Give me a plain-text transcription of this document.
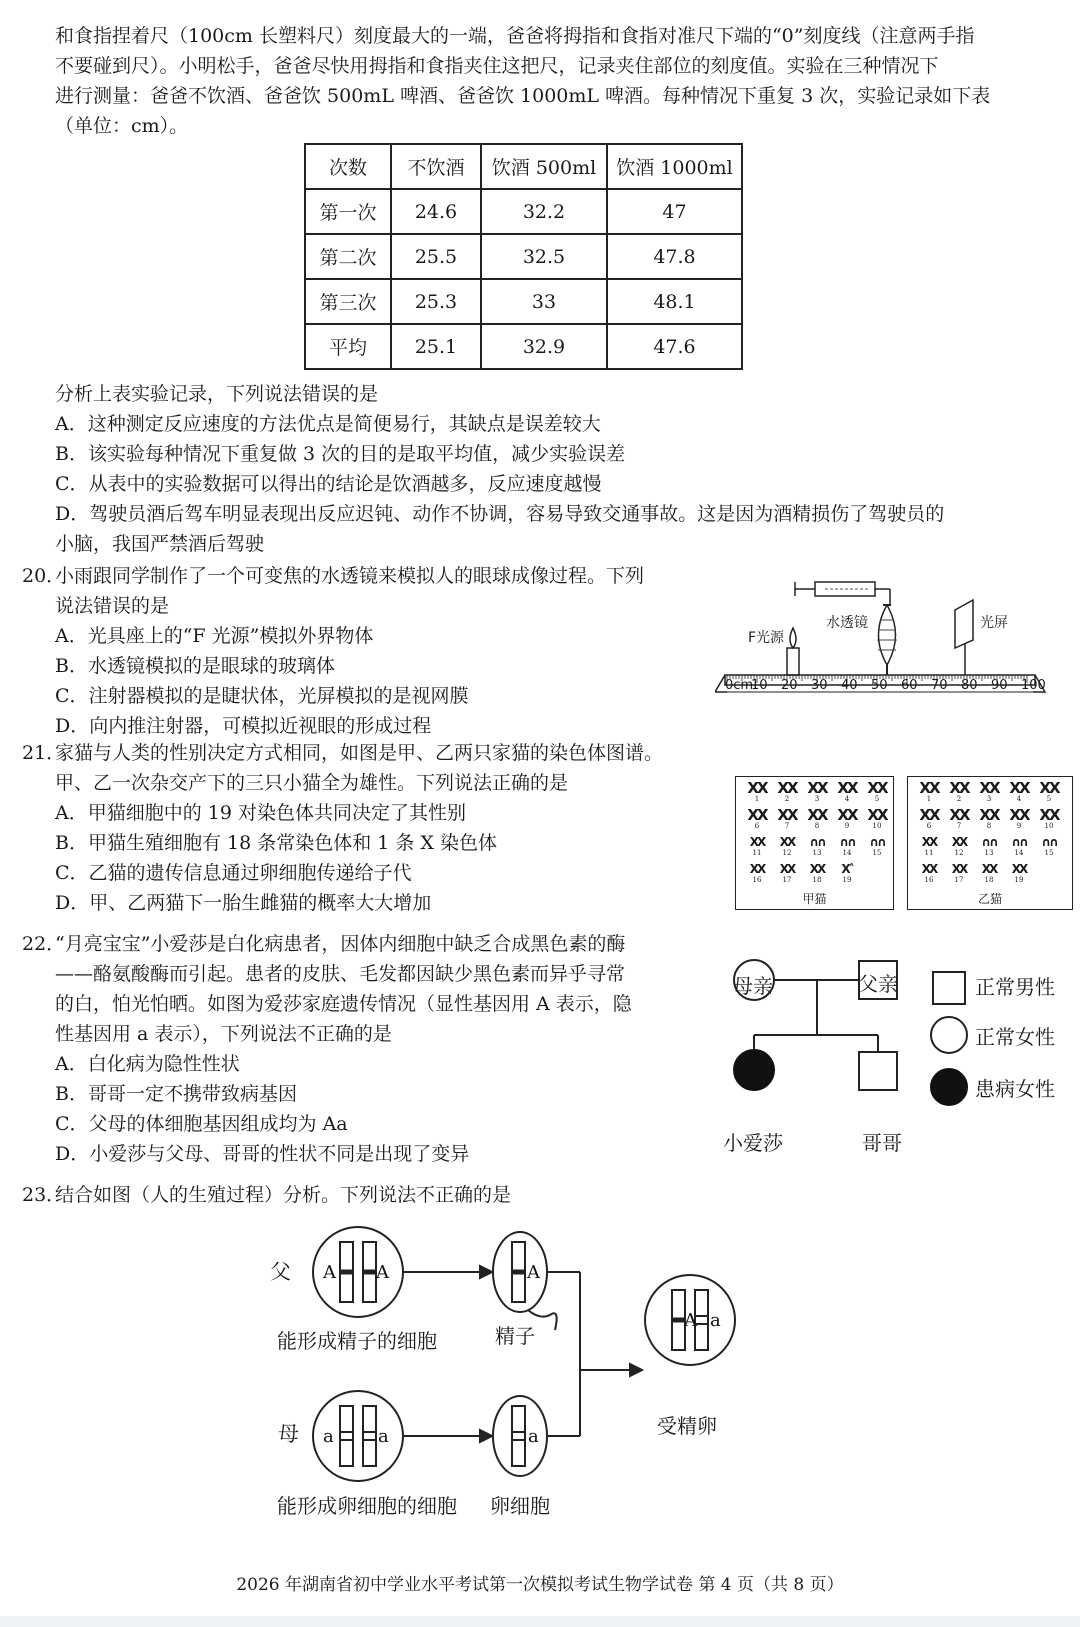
和食指捏着尺（100cm 长塑料尺）刻度最大的一端，爸爸将拇指和食指对准尺下端的“0”刻度线（注意两手指
不要碰到尺）。小明松手，爸爸尽快用拇指和食指夹住这把尺，记录夹住部位的刻度值。实验在三种情况下
进行测量：爸爸不饮酒、爸爸饮 500mL 啤酒、爸爸饮 1000mL 啤酒。每种情况下重复 3 次，实验记录如下表
（单位：cm）。
次数	不饮酒	饮酒 500ml	饮酒 1000ml
第一次	24.6	32.2	47
第二次	25.5	32.5	47.8
第三次	25.3	33	48.1
平均	25.1	32.9	47.6
分析上表实验记录，下列说法错误的是
A．这种测定反应速度的方法优点是简便易行，其缺点是误差较大
B．该实验每种情况下重复做 3 次的目的是取平均值，减少实验误差
C．从表中的实验数据可以得出的结论是饮酒越多，反应速度越慢
D．驾驶员酒后驾车明显表现出反应迟钝、动作不协调，容易导致交通事故。这是因为酒精损伤了驾驶员的
小脑，我国严禁酒后驾驶
20．
小雨跟同学制作了一个可变焦的水透镜来模拟人的眼球成像过程。下列
说法错误的是
A．光具座上的“F 光源”模拟外界物体
B．水透镜模拟的是眼球的玻璃体
C．注射器模拟的是睫状体，光屏模拟的是视网膜
D．向内推注射器，可模拟近视眼的形成过程
F光源
水透镜	光屏
0cm
10 20 30 40 50 60 70 80 90 100
21．
家猫与人类的性别决定方式相同，如图是甲、乙两只家猫的染色体图谱。
甲、乙一次杂交产下的三只小猫全为雄性。下列说法正确的是
A．甲猫细胞中的 19 对染色体共同决定了其性别
B．甲猫生殖细胞有 18 条常染色体和 1 条 X 染色体
C．乙猫的遗传信息通过卵细胞传递给子代
D．甲、乙两猫下一胎生雌猫的概率大大增加
XX
1
XX
2
XX
3
XX
4
XX
5
XX
6
XX
7
XX
8
XX
9
XX
10
XX
11
XX
12
∩∩
13
∩∩
14
∩∩
15
XX
16
XX
17
XX
18
X˄
19
甲猫
XX
1
XX
2
XX
3
XX
4
XX
5
XX
6
XX
7
XX
8
XX
9
XX
10
XX
11
XX
12
∩∩
13
∩∩
14
∩∩
15
XX
16
XX
17
XX
18
XX
19
乙猫
22．
“月亮宝宝”小爱莎是白化病患者，因体内细胞中缺乏合成黑色素的酶
——酪氨酸酶而引起。患者的皮肤、毛发都因缺少黑色素而异乎寻常
的白，怕光怕晒。如图为爱莎家庭遗传情况（显性基因用 A 表示，隐
性基因用 a 表示），下列说法不正确的是
A．白化病为隐性性状
B．哥哥一定不携带致病基因
C．父母的体细胞基因组成均为 Aa
D．小爱莎与父母、哥哥的性状不同是出现了变异
母亲	父亲
小爱莎	哥哥
正常男性
正常女性
患病女性
23．
结合如图（人的生殖过程）分析。下列说法不正确的是
A A	A
a a	a
A a
父
母
能形成精子的细胞	精子
能形成卵细胞的细胞 卵细胞
受精卵
2026 年湖南省初中学业水平考试第一次模拟考试生物学试卷 第 4 页（共 8 页）
